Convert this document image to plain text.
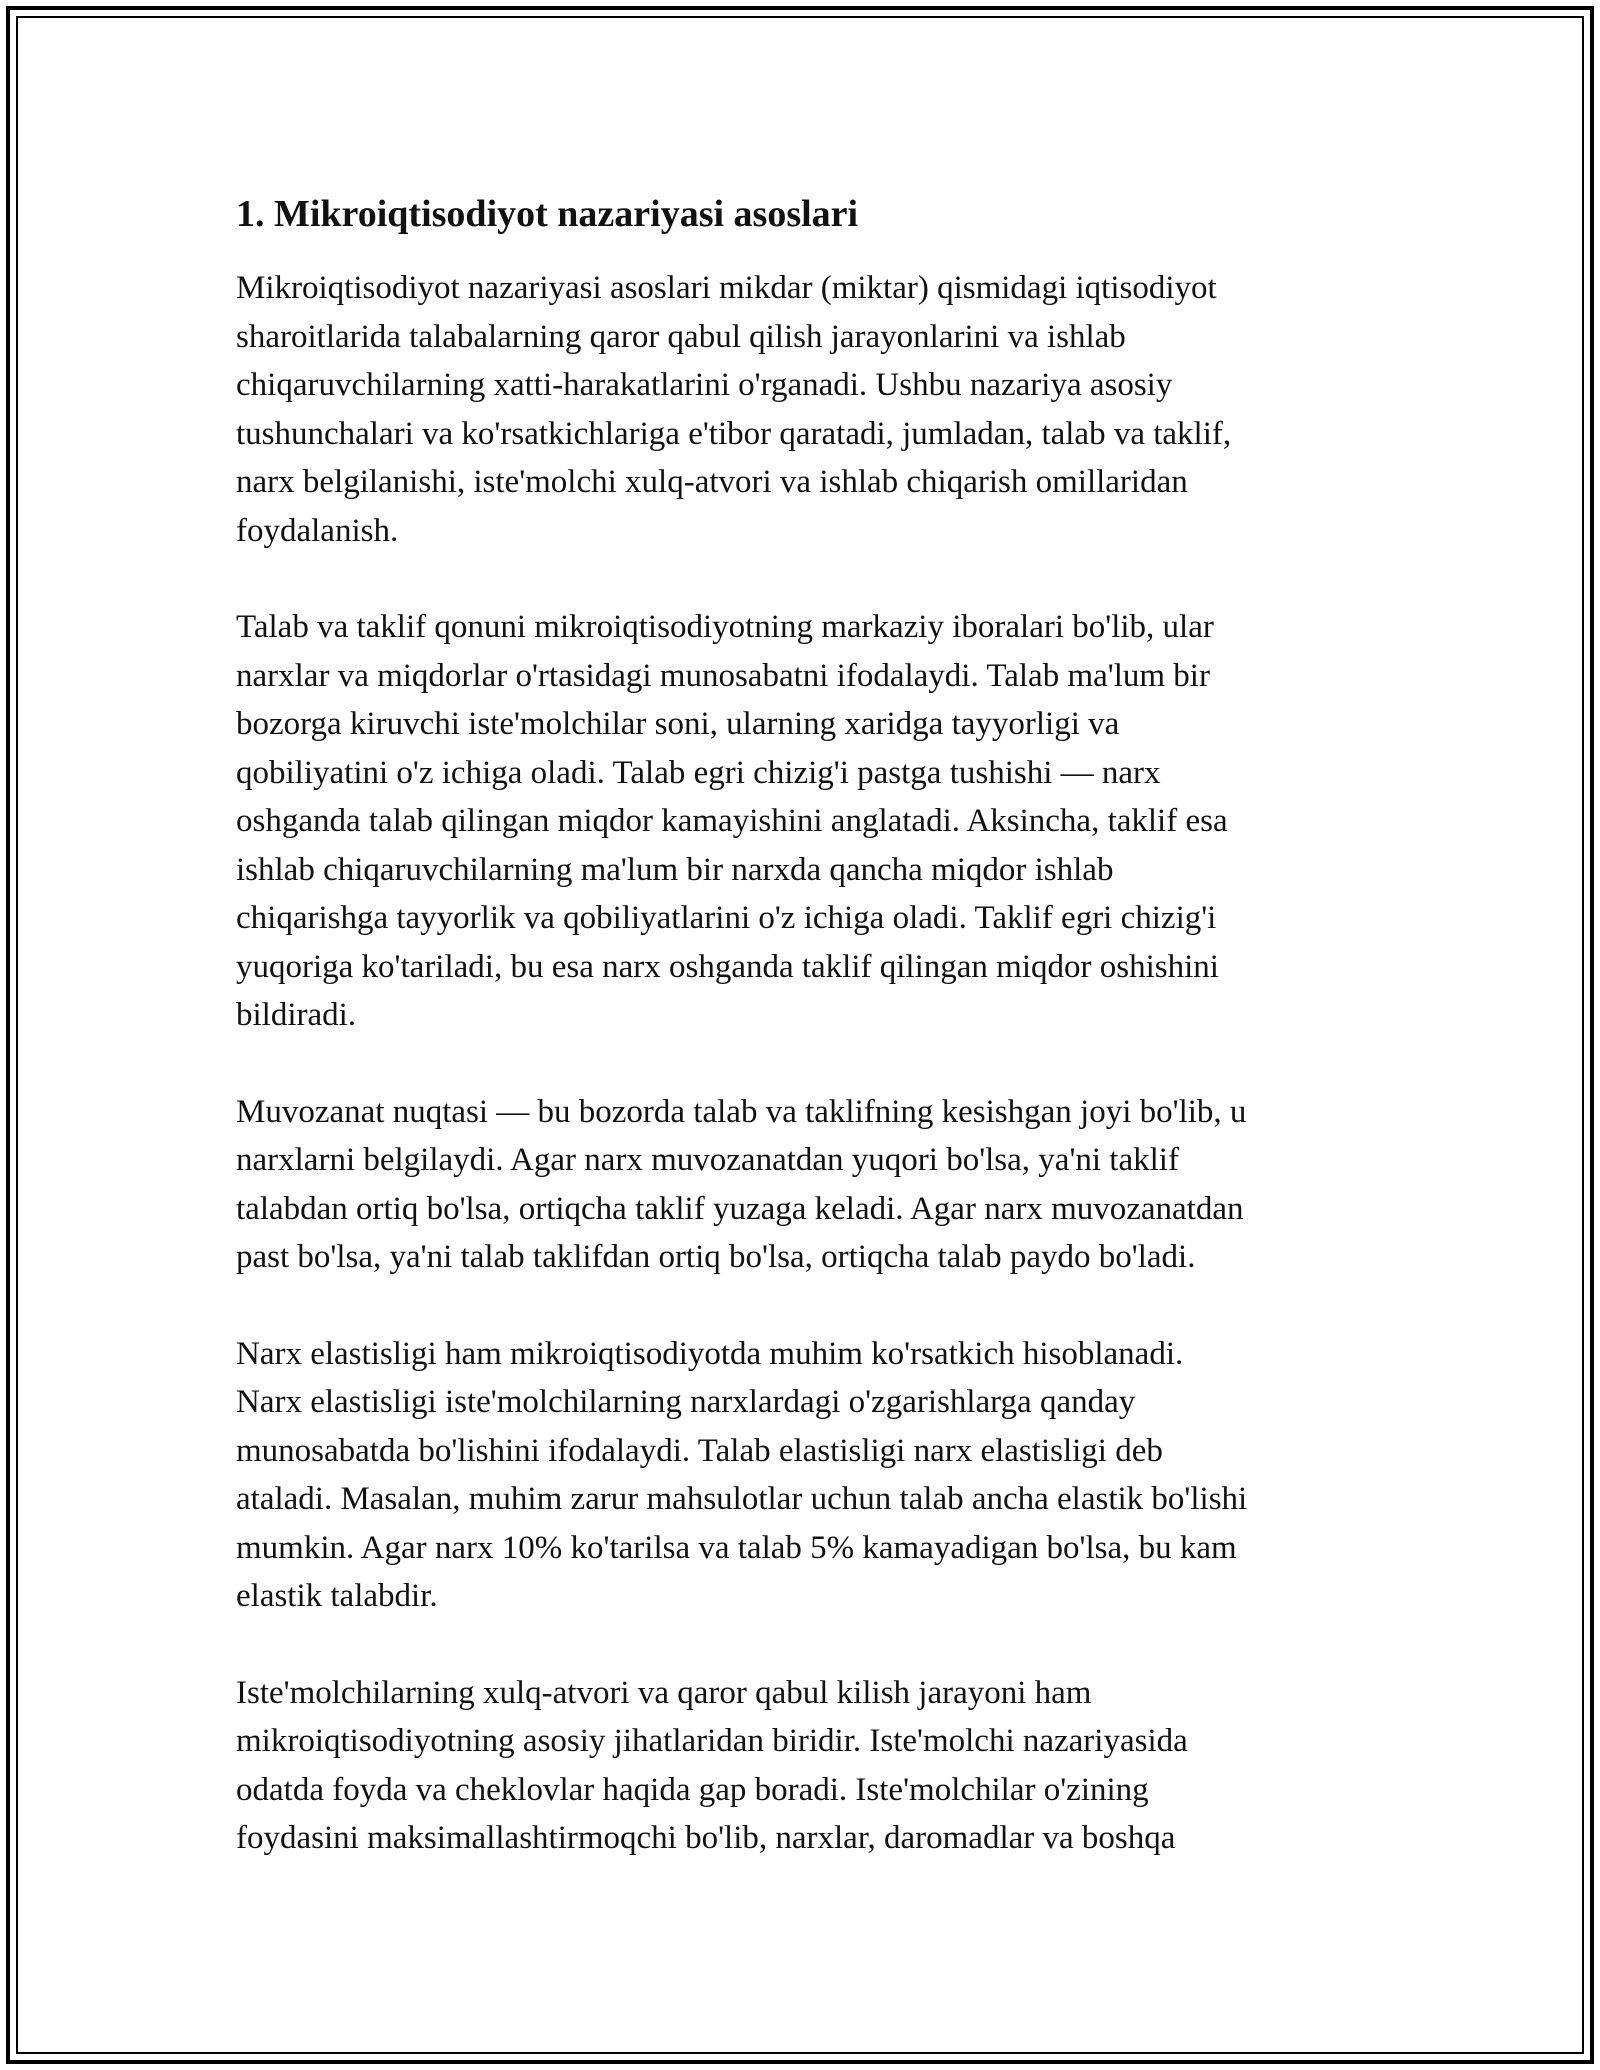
1. Mikroiqtisodiyot nazariyasi asoslari
Mikroiqtisodiyot nazariyasi asoslari mikdar (miktar) qismidagi iqtisodiyot
sharoitlarida talabalarning qaror qabul qilish jarayonlarini va ishlab
chiqaruvchilarning xatti-harakatlarini o'rganadi. Ushbu nazariya asosiy
tushunchalari va ko'rsatkichlariga e'tibor qaratadi, jumladan, talab va taklif,
narx belgilanishi, iste'molchi xulq-atvori va ishlab chiqarish omillaridan
foydalanish.
Talab va taklif qonuni mikroiqtisodiyotning markaziy iboralari bo'lib, ular
narxlar va miqdorlar o'rtasidagi munosabatni ifodalaydi. Talab ma'lum bir
bozorga kiruvchi iste'molchilar soni, ularning xaridga tayyorligi va
qobiliyatini o'z ichiga oladi. Talab egri chizig'i pastga tushishi — narx
oshganda talab qilingan miqdor kamayishini anglatadi. Aksincha, taklif esa
ishlab chiqaruvchilarning ma'lum bir narxda qancha miqdor ishlab
chiqarishga tayyorlik va qobiliyatlarini o'z ichiga oladi. Taklif egri chizig'i
yuqoriga ko'tariladi, bu esa narx oshganda taklif qilingan miqdor oshishini
bildiradi.
Muvozanat nuqtasi — bu bozorda talab va taklifning kesishgan joyi bo'lib, u
narxlarni belgilaydi. Agar narx muvozanatdan yuqori bo'lsa, ya'ni taklif
talabdan ortiq bo'lsa, ortiqcha taklif yuzaga keladi. Agar narx muvozanatdan
past bo'lsa, ya'ni talab taklifdan ortiq bo'lsa, ortiqcha talab paydo bo'ladi.
Narx elastisligi ham mikroiqtisodiyotda muhim ko'rsatkich hisoblanadi.
Narx elastisligi iste'molchilarning narxlardagi o'zgarishlarga qanday
munosabatda bo'lishini ifodalaydi. Talab elastisligi narx elastisligi deb
ataladi. Masalan, muhim zarur mahsulotlar uchun talab ancha elastik bo'lishi
mumkin. Agar narx 10% ko'tarilsa va talab 5% kamayadigan bo'lsa, bu kam
elastik talabdir.
Iste'molchilarning xulq-atvori va qaror qabul kilish jarayoni ham
mikroiqtisodiyotning asosiy jihatlaridan biridir. Iste'molchi nazariyasida
odatda foyda va cheklovlar haqida gap boradi. Iste'molchilar o'zining
foydasini maksimallashtirmoqchi bo'lib, narxlar, daromadlar va boshqa
